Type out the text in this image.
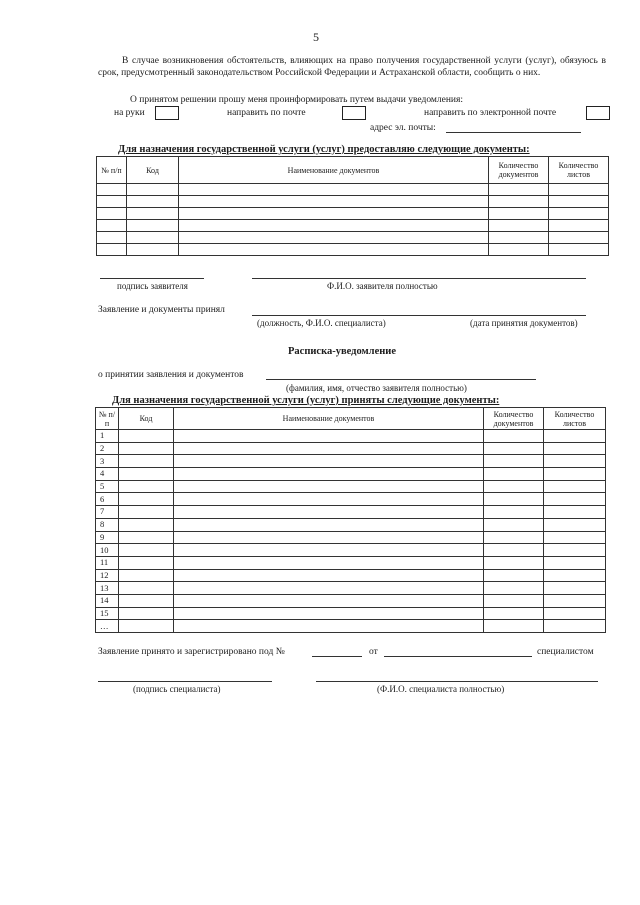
5
В случае возникновения обстоятельств, влияющих на право получения государственной услуги (услуг), обязуюсь в срок, предусмотренный законодательством Российской Федерации и Астраханской области, сообщить о них.
О принятом решении прошу меня проинформировать путем выдачи уведомления:
на руки	направить по почте	направить по электронной почте
адрес эл. почты:
Для назначения государственной услуги (услуг) предоставляю следующие документы:
№ п/п	Код	Наименование документов	Количество документов	Количество листов

подпись заявителя	Ф.И.О. заявителя полностью
Заявление и документы принял
(должность, Ф.И.О. специалиста)	(дата принятия документов)
Расписка-уведомление
о принятии заявления и документов
(фамилия, имя, отчество заявителя полностью)
Для назначения государственной услуги (услуг) приняты следующие документы:
№ п/п	Код	Наименование документов	Количество документов	Количество листов
1				
2				
3				
4				
5				
6				
7				
8				
9				
10				
11				
12				
13				
14				
15				
…				
Заявление принято и зарегистрировано под №	от	специалистом
(подпись специалиста)	(Ф.И.О. специалиста полностью)
